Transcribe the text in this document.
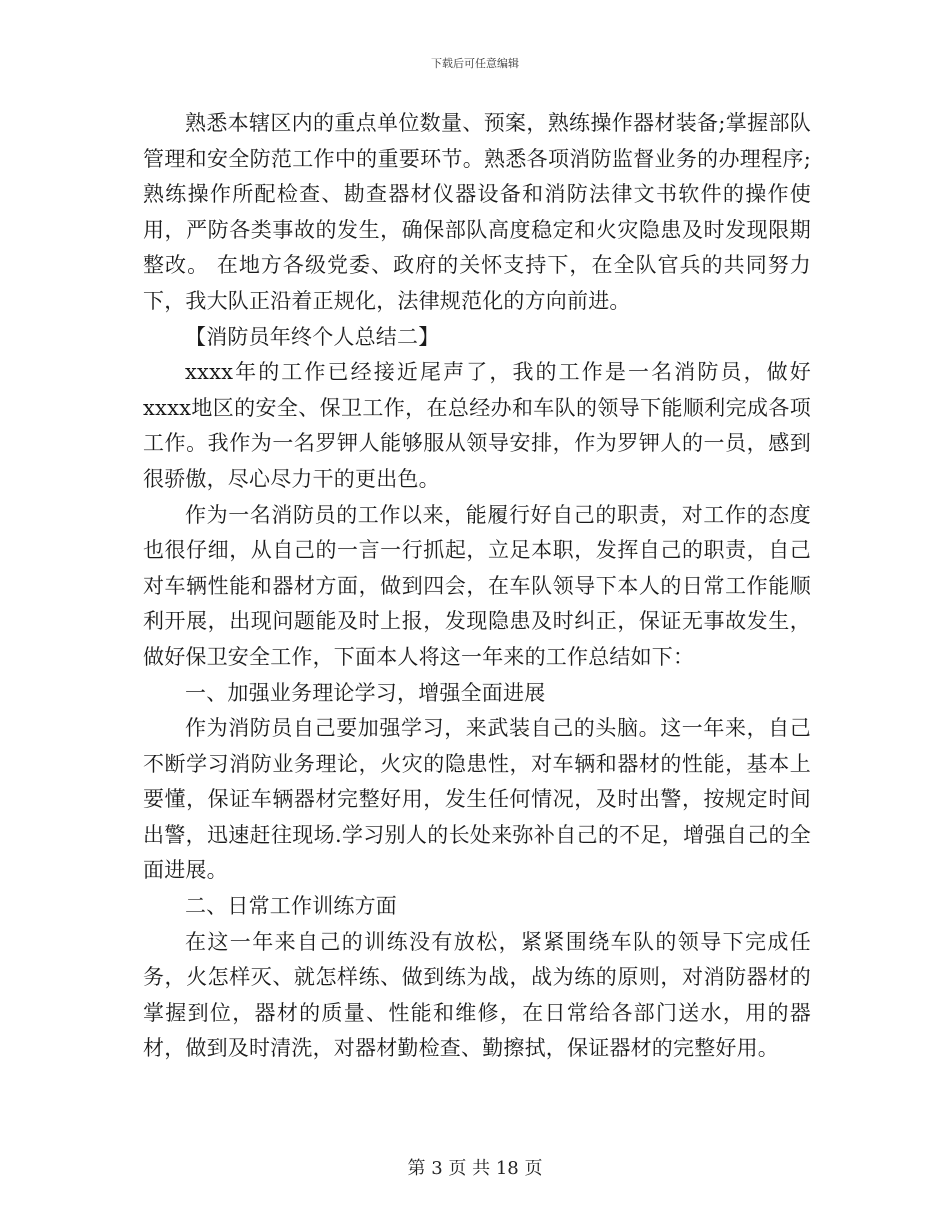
下载后可任意编辑

熟悉本辖区内的重点单位数量、预案，熟练操作器材装备;掌握部队管理和安全防范工作中的重要环节。熟悉各项消防监督业务的办理程序;熟练操作所配检查、勘查器材仪器设备和消防法律文书软件的操作使用，严防各类事故的发生，确保部队高度稳定和火灾隐患及时发现限期整改。 在地方各级党委、政府的关怀支持下，在全队官兵的共同努力下，我大队正沿着正规化，法律规范化的方向前进。

【消防员年终个人总结二】

xxxx年的工作已经接近尾声了，我的工作是一名消防员，做好xxxx地区的安全、保卫工作，在总经办和车队的领导下能顺利完成各项工作。我作为一名罗钾人能够服从领导安排，作为罗钾人的一员，感到很骄傲，尽心尽力干的更出色。

作为一名消防员的工作以来，能履行好自己的职责，对工作的态度也很仔细，从自己的一言一行抓起，立足本职，发挥自己的职责，自己对车辆性能和器材方面，做到四会，在车队领导下本人的日常工作能顺利开展，出现问题能及时上报，发现隐患及时纠正，保证无事故发生，做好保卫安全工作，下面本人将这一年来的工作总结如下：

一、加强业务理论学习，增强全面进展

作为消防员自己要加强学习，来武装自己的头脑。这一年来，自己不断学习消防业务理论，火灾的隐患性，对车辆和器材的性能，基本上要懂，保证车辆器材完整好用，发生任何情况，及时出警，按规定时间出警，迅速赶往现场.学习别人的长处来弥补自己的不足，增强自己的全面进展。

二、日常工作训练方面

在这一年来自己的训练没有放松，紧紧围绕车队的领导下完成任务，火怎样灭、就怎样练、做到练为战，战为练的原则，对消防器材的掌握到位，器材的质量、性能和维修，在日常给各部门送水，用的器材，做到及时清洗，对器材勤检查、勤擦拭，保证器材的完整好用。

第 3 页 共 18 页
